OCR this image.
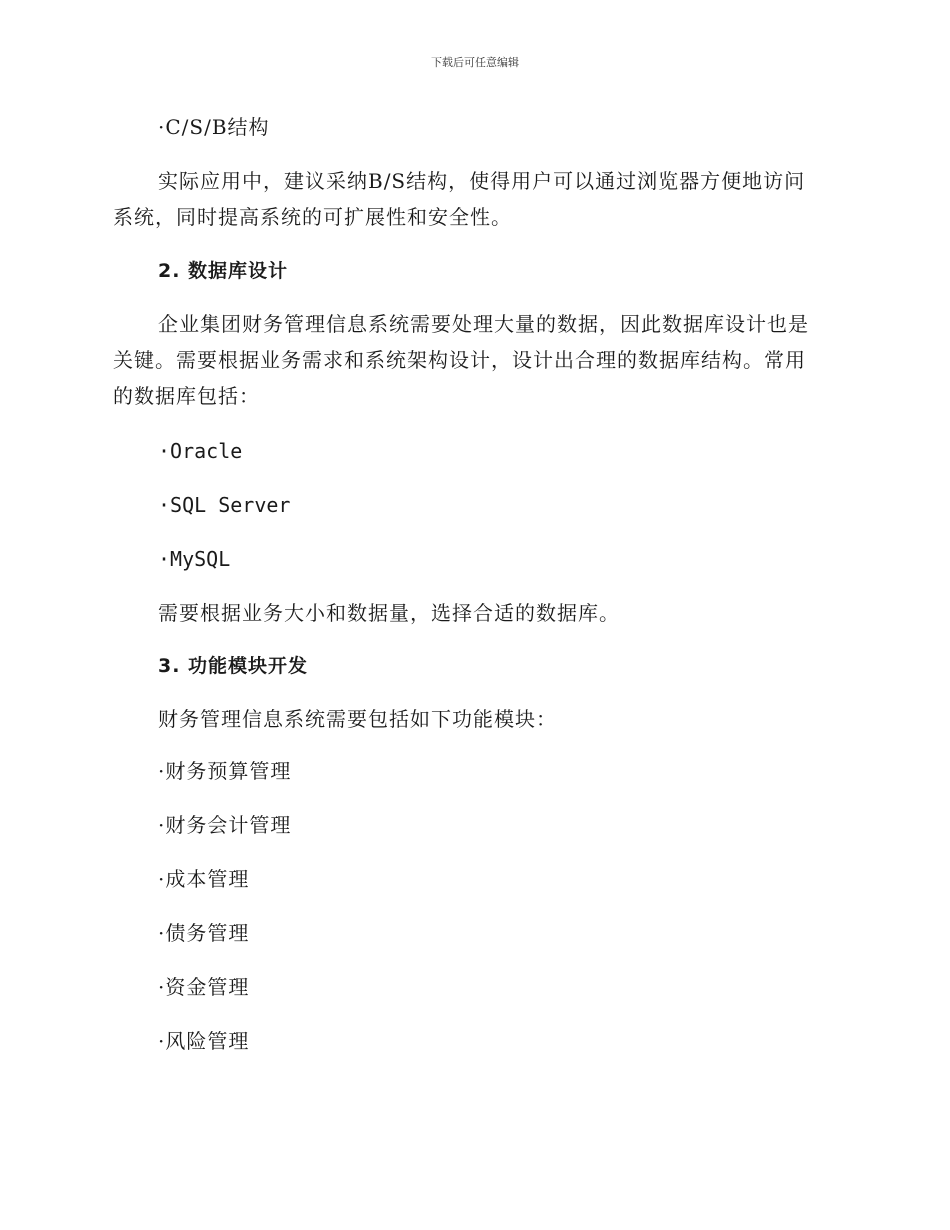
下载后可任意编辑
·C/S/B结构
实际应用中，建议采纳B/S结构，使得用户可以通过浏览器方便地访问
系统，同时提高系统的可扩展性和安全性。
2. 数据库设计
企业集团财务管理信息系统需要处理大量的数据，因此数据库设计也是
关键。需要根据业务需求和系统架构设计，设计出合理的数据库结构。常用
的数据库包括：
·Oracle
·SQL Server
·MySQL
需要根据业务大小和数据量，选择合适的数据库。
3. 功能模块开发
财务管理信息系统需要包括如下功能模块：
·财务预算管理
·财务会计管理
·成本管理
·债务管理
·资金管理
·风险管理
